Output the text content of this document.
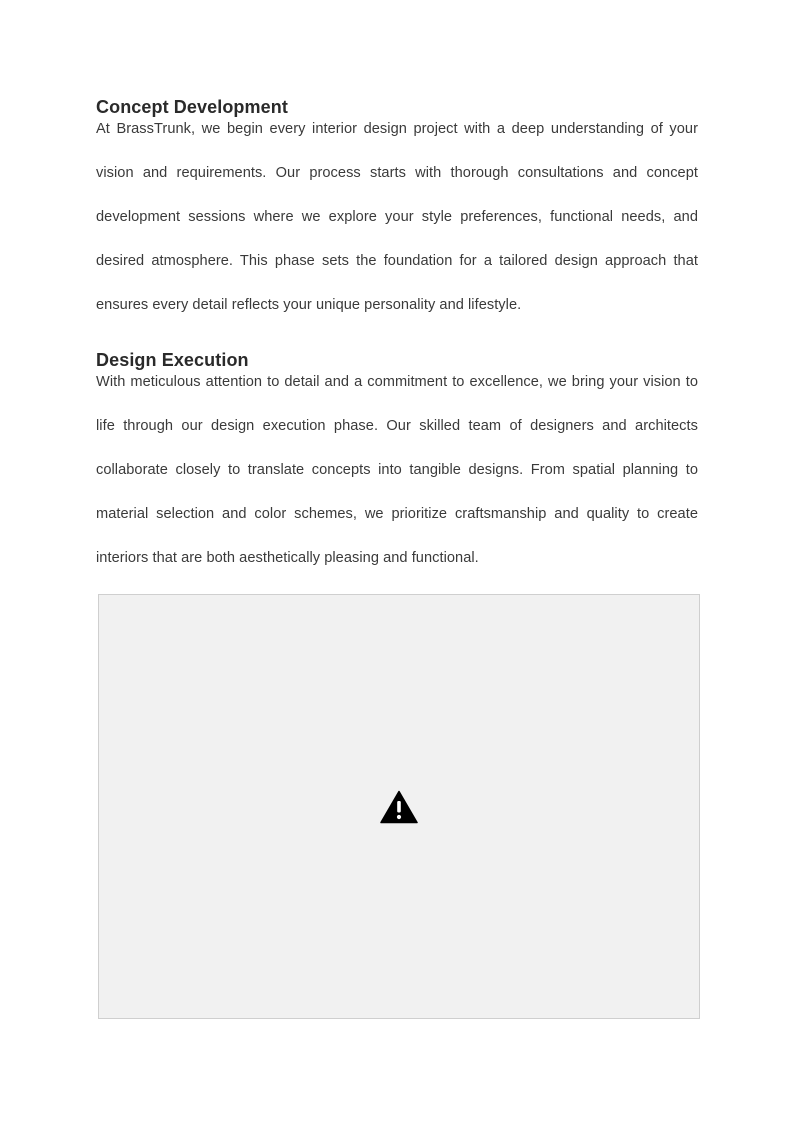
Concept Development

At BrassTrunk, we begin every interior design project with a deep understanding of your vision and requirements. Our process starts with thorough consultations and concept development sessions where we explore your style preferences, functional needs, and desired atmosphere. This phase sets the foundation for a tailored design approach that ensures every detail reflects your unique personality and lifestyle.

Design Execution

With meticulous attention to detail and a commitment to excellence, we bring your vision to life through our design execution phase. Our skilled team of designers and architects collaborate closely to translate concepts into tangible designs. From spatial planning to material selection and color schemes, we prioritize craftsmanship and quality to create interiors that are both aesthetically pleasing and functional.
